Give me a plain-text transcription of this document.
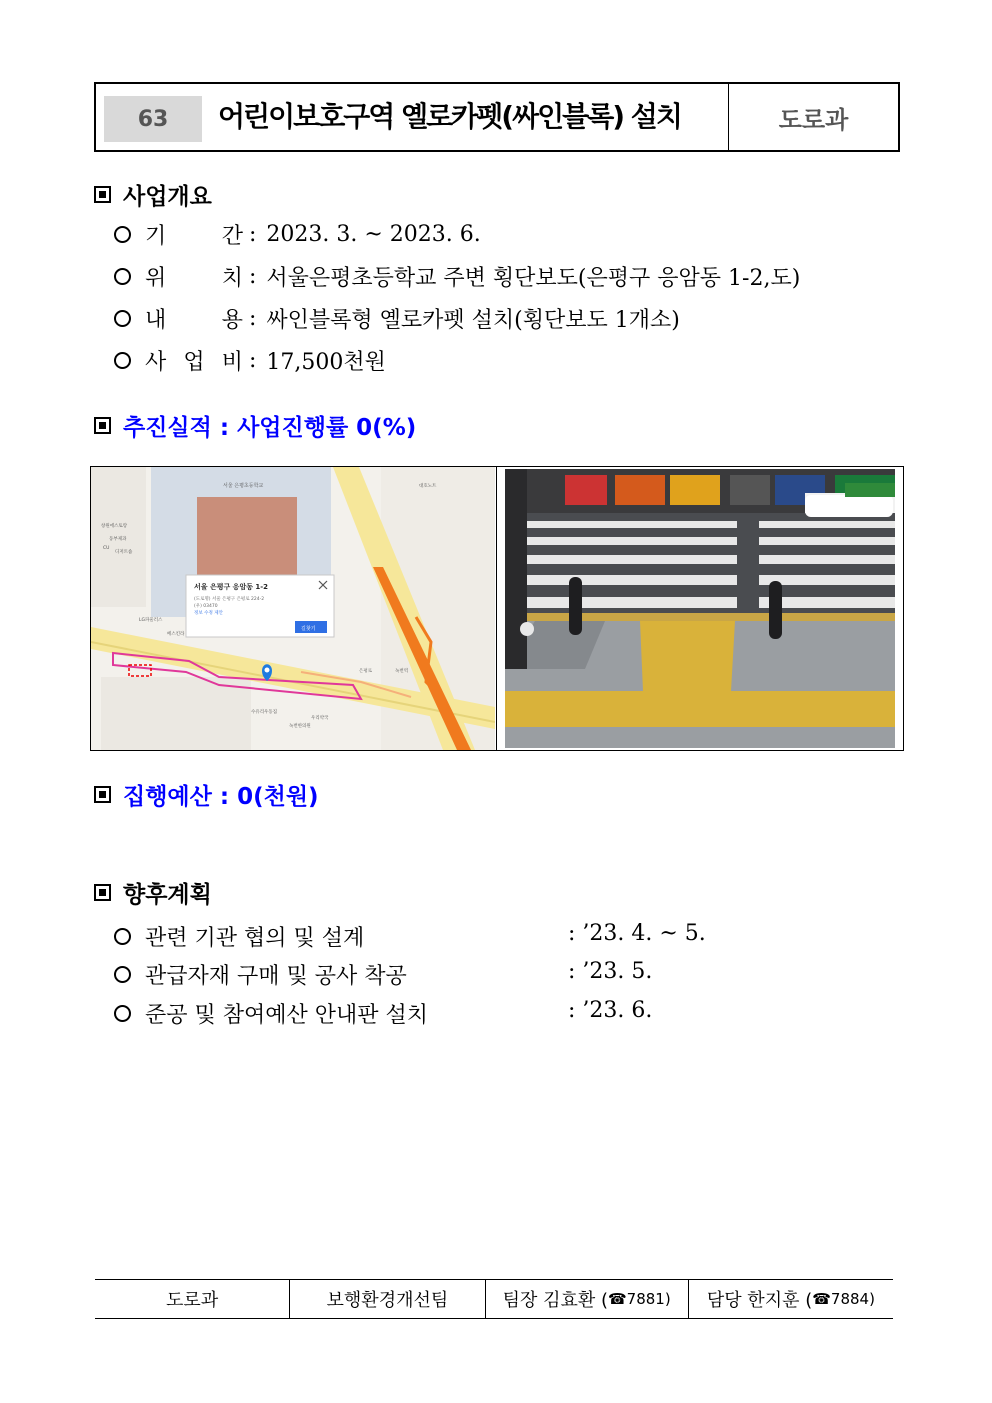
63	어린이보호구역 옐로카펫(싸인블록) 설치	도로과
사업개요
기	간 : 2023. 3. ~ 2023. 6.
위	치 : 서울은평초등학교 주변 횡단보도(은평구 응암동 1-2,도)
내	용 : 싸인블록형 옐로카펫 설치(횡단보도 1개소)
사 업 비 : 17,500천원
추진실적 : 사업진행률 0(%)
서울 은평구 응암동 1-2
(도로명) 서울 은평구 은평로 224-2
(우) 03470
정보 수정 제안
길찾기
서울 은평초등학교
창원에스토랑
동부제과
디저트숍
LG파울러스
베스킨라
은평로	녹번역
우리약국
녹번한의원
수유리우동집
대호노트
CU
집행예산 : 0(천원)
향후계획
관련 기관 협의 및 설계	: ’23. 4. ~ 5.
관급자재 구매 및 공사 착공	: ’23. 5.
준공 및 참여예산 안내판 설치	: ’23. 6.
도로과	보행환경개선팀	팀장 김효환 ( ☎7881) 담당 한지훈 ( ☎7884)
